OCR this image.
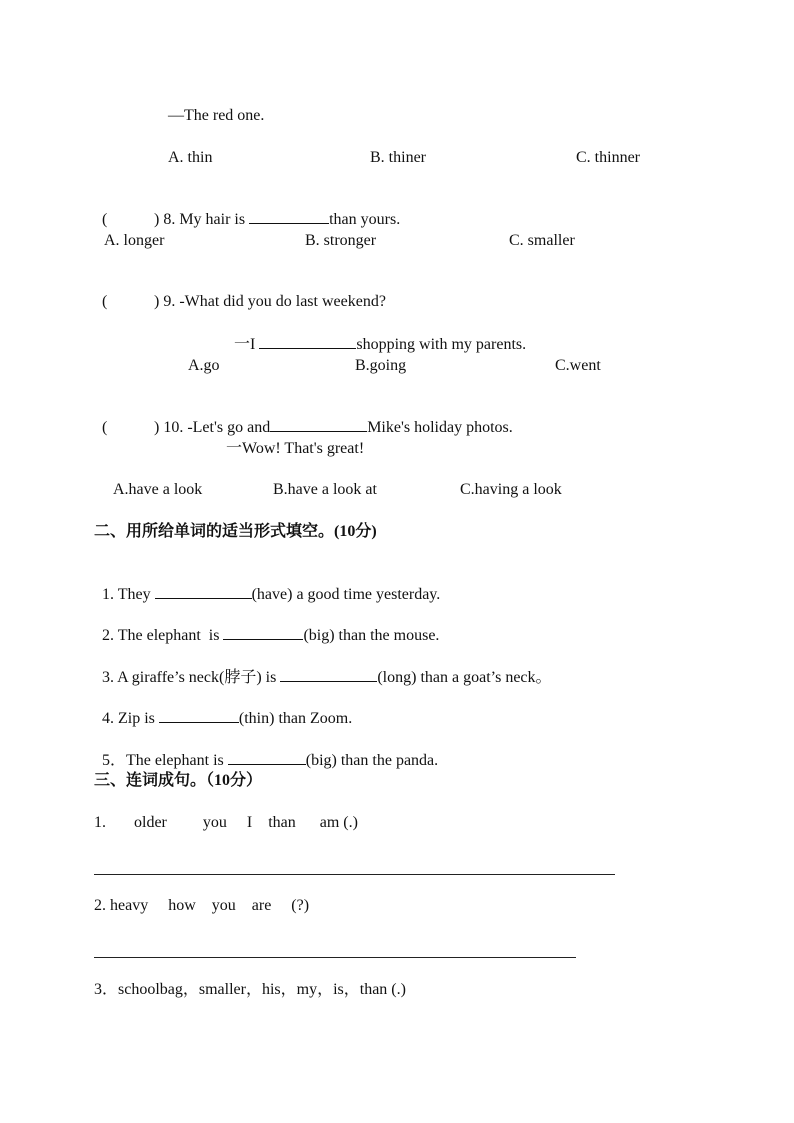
—The red one.
A. thin	B. thiner	C. thinner

(	) 8. My hair is	than yours.

A. longer	B. stronger	C. smaller

(	) 9. -What did you do last weekend?

一I	shopping with my parents.

A.go	B.going	C.went

(	) 10. -Let's go and	Mike's holiday photos.

一Wow! That's great!
A.have a look	B.have a look at	C.having a look
二、用所给单词的适当形式填空。(10分)

1. They	(have) a good time yesterday.

2. The elephant  is	(big) than the mouse.

3. A giraffe’s neck(脖子) is	(long) than a goat’s neck。

4. Zip is	(thin) than Zoom.

5．The elephant is	(big) than the panda.

三、连词成句。（10分）
1.       older         you     I    than      am (.)
2. heavy     how    you    are     (?)
3．schoolbag，smaller，his，my，is，than (.)
